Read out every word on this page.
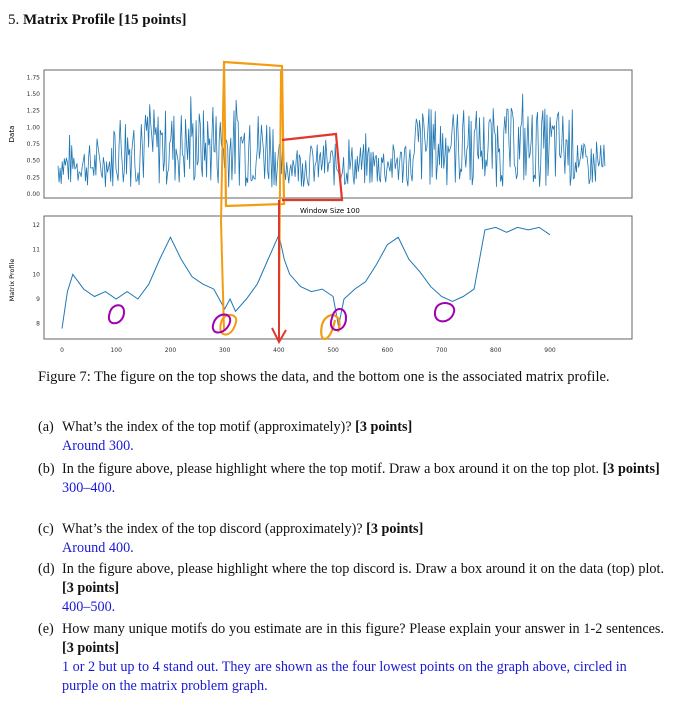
5. Matrix Profile [15 points]
Data
1.75
1.50
1.25
1.00
0.75
0.50
0.25
0.00
Window Size 100
Matrix Profile
12
11
10
9
8
0	100	200	300	400	500	600	700	800	900
Figure 7: The figure on the top shows the data, and the bottom one is the associated matrix profile.
(a) What’s the index of the top motif (approximately)? [3 points]
Around 300.
(b) In the figure above, please highlight where the top motif. Draw a box around it on the top plot. [3 points]
300–400.
(c) What’s the index of the top discord (approximately)? [3 points]
Around 400.
(d) In the figure above, please highlight where the top discord is. Draw a box around it on the data (top) plot. [3 points]
400–500.
(e) How many unique motifs do you estimate are in this figure? Please explain your answer in 1-2 sentences. [3 points]
1 or 2 but up to 4 stand out. They are shown as the four lowest points on the graph above, circled in purple on the matrix problem graph.
